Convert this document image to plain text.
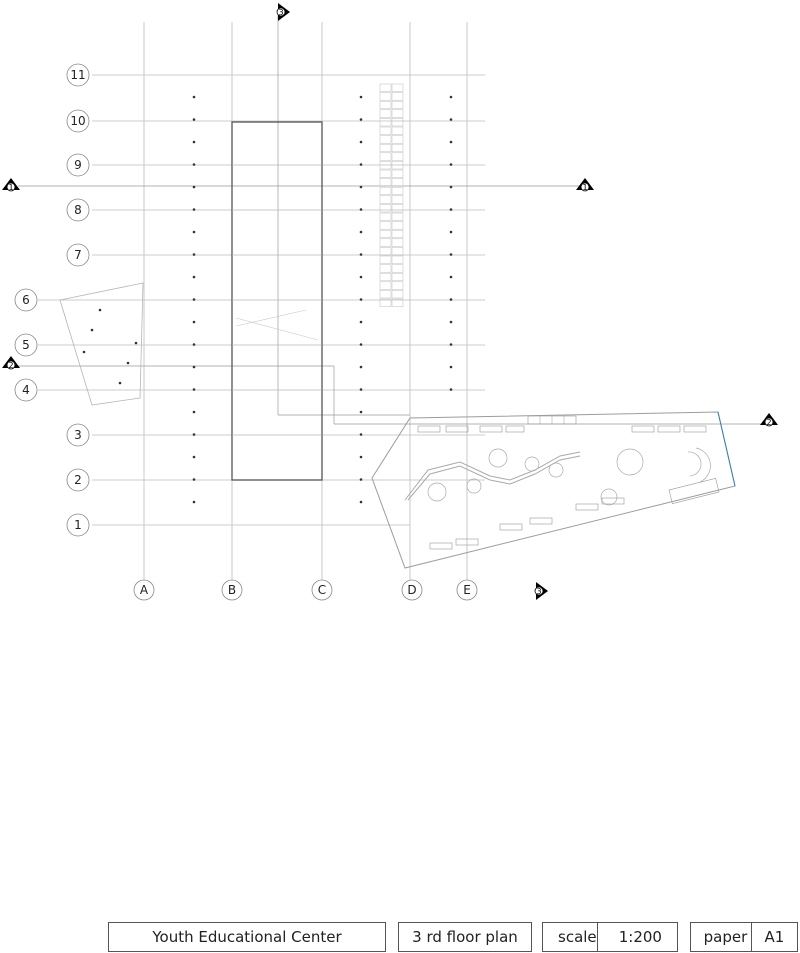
1
2
3
4
5
6
7
8
9
10
11
A	B	C	D	E
1	1
2
2
3
3
Youth Educational Center	3 rd floor plan	scale 1:200	paper A1
